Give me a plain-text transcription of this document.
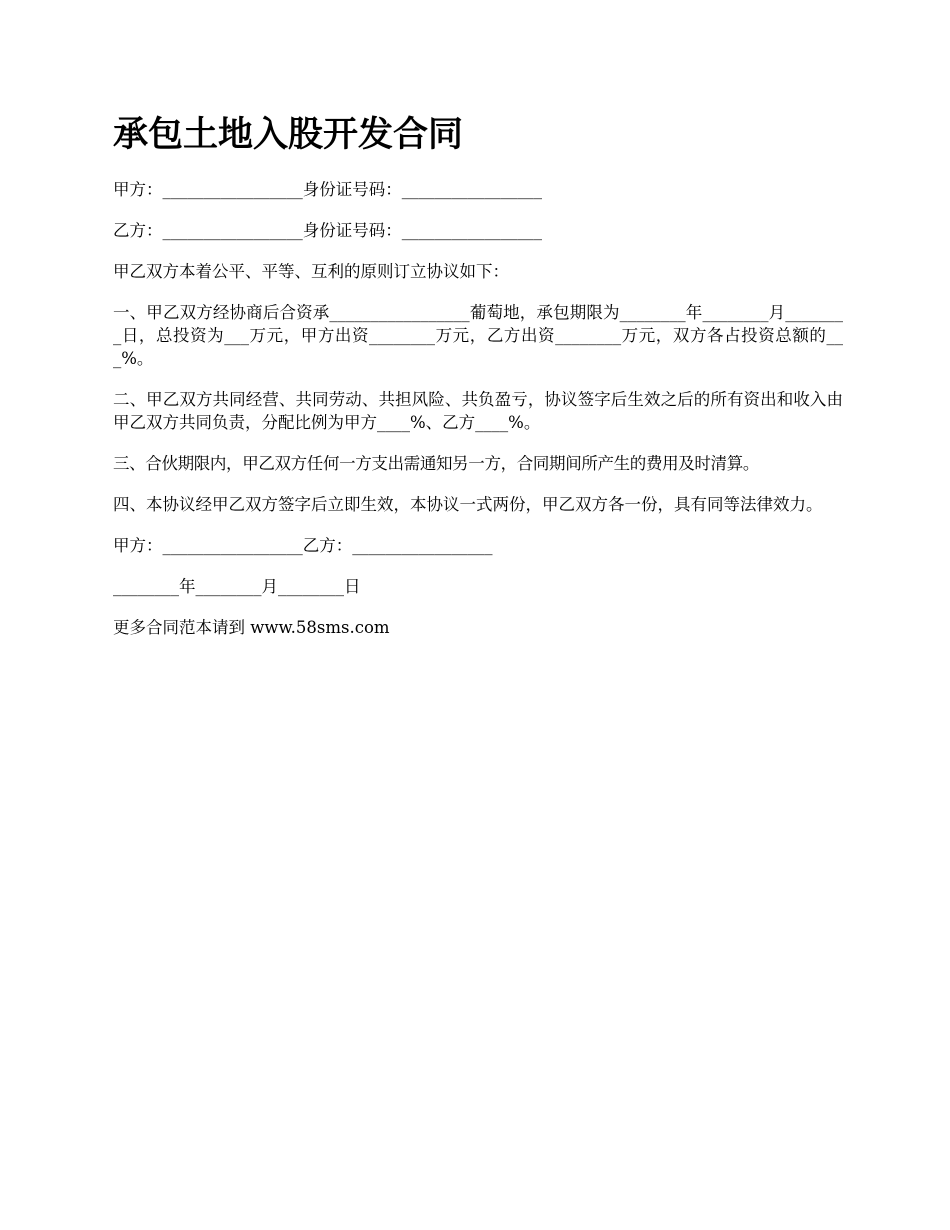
承包土地入股开发合同

甲方：_________________身份证号码：_________________

乙方：_________________身份证号码：_________________

甲乙双方本着公平、平等、互利的原则订立协议如下：

一、甲乙双方经协商后合资承_________________葡萄地，承包期限为________年________月________日，总投资为___万元，甲方出资________万元，乙方出资________万元，双方各占投资总额的___%。

二、甲乙双方共同经营、共同劳动、共担风险、共负盈亏，协议签字后生效之后的所有资出和收入由甲乙双方共同负责，分配比例为甲方____%、乙方____%。

三、合伙期限内，甲乙双方任何一方支出需通知另一方，合同期间所产生的费用及时清算。

四、本协议经甲乙双方签字后立即生效，本协议一式两份，甲乙双方各一份，具有同等法律效力。

甲方：_________________乙方：_________________

________年________月________日

更多合同范本请到 www.58sms.com
